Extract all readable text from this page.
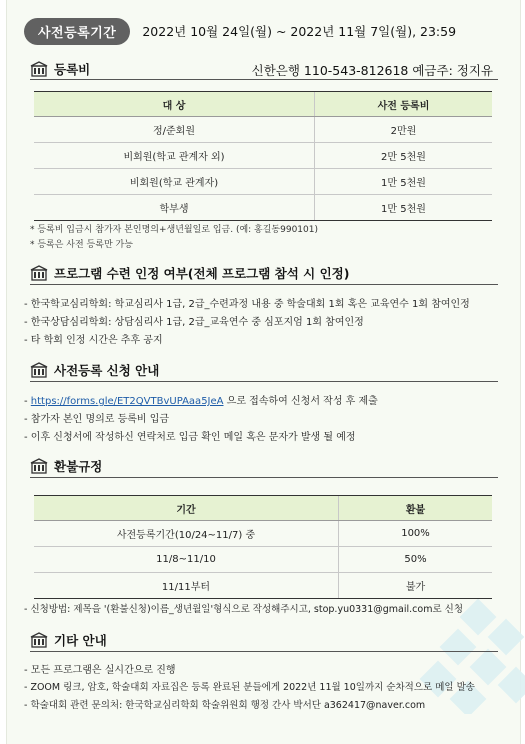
사전등록기간	2022년 10월 24일(월) ~ 2022년 11월 7일(월), 23:59
등록비	신한은행 110-543-812618 예금주: 정지유
대 상	사전 등록비
정/준회원	2만원
비회원(학교 관계자 외)	2만 5천원
비회원(학교 관계자)	1만 5천원
학부생	1만 5천원
* 등록비 입금시 참가자 본인명의+생년월일로 입금. (예: 홍길동990101)
* 등록은 사전 등록만 가능
프로그램 수련 인정 여부(전체 프로그램 참석 시 인정)
- 한국학교심리학회: 학교심리사 1급, 2급_수련과정 내용 중 학술대회 1회 혹은 교육연수 1회 참여인정
- 한국상담심리학회: 상담심리사 1급, 2급_교육연수 중 심포지엄 1회 참여인정
- 타 학회 인정 시간은 추후 공지
사전등록 신청 안내
- https://forms.gle/ET2QVTBvUPAaa5JeA 으로 접속하여 신청서 작성 후 제출
- 참가자 본인 명의로 등록비 입금
- 이후 신청서에 작성하신 연락처로 입금 확인 메일 혹은 문자가 발생 될 예정
환불규정
기간	환불
사전등록기간(10/24~11/7) 중	100%
11/8~11/10	50%
11/11부터	불가
- 신청방법: 제목을 '(환불신청)이름_생년월일'형식으로 작성해주시고, stop.yu0331@gmail.com로 신청
기타 안내
- 모든 프로그램은 실시간으로 진행
- ZOOM 링크, 암호, 학술대회 자료집은 등록 완료된 분들에게 2022년 11월 10일까지 순차적으로 메일 발송
- 학술대회 관련 문의처: 한국학교심리학회 학술위원회 행정 간사 박서단 a362417@naver.com
